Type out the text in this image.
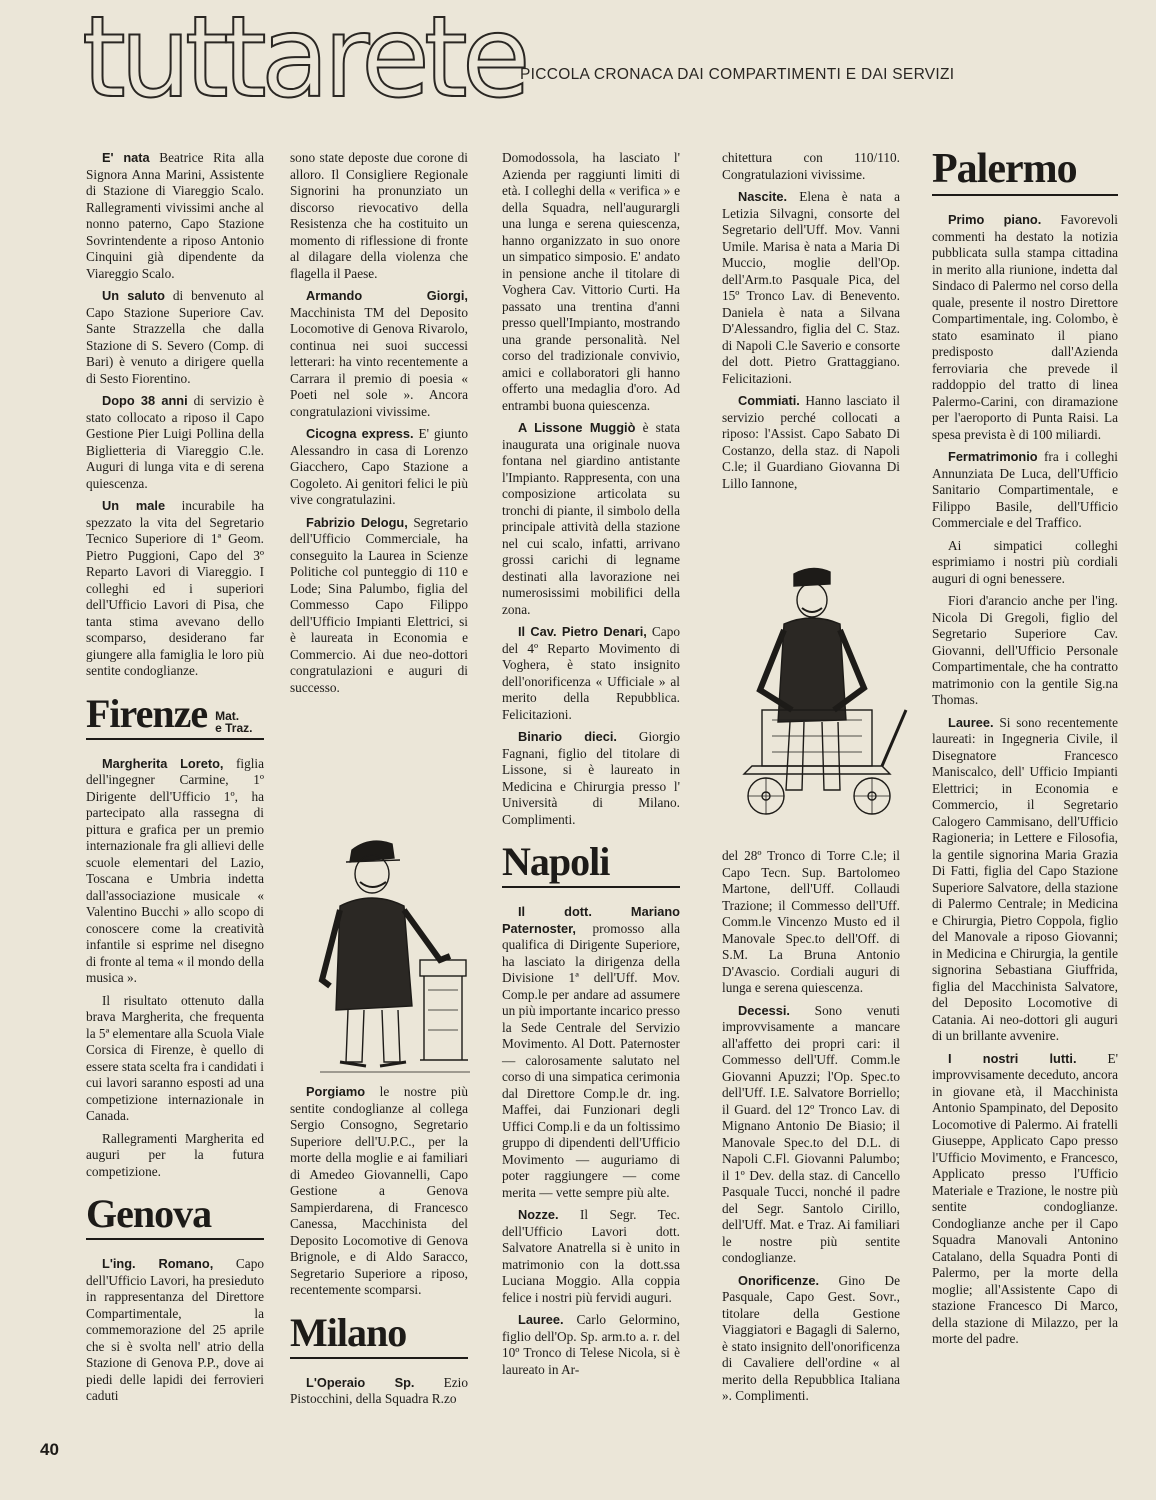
tuttarete
PICCOLA CRONACA DAI COMPARTIMENTI E DAI SERVIZI

E' nata Beatrice Rita alla Signora Anna Marini, Assistente di Stazione di Viareggio Scalo. Rallegramenti vivissimi anche al nonno paterno, Capo Stazione Sovrintendente a riposo Antonio Cinquini già dipendente da Viareggio Scalo.

Un saluto di benvenuto al Capo Stazione Superiore Cav. Sante Strazzella che dalla Stazione di S. Severo (Comp. di Bari) è venuto a dirigere quella di Sesto Fiorentino.

Dopo 38 anni di servizio è stato collocato a riposo il Capo Gestione Pier Luigi Pollina della Biglietteria di Viareggio C.le. Auguri di lunga vita e di serena quiescenza.

Un male incurabile ha spezzato la vita del Segretario Tecnico Superiore di 1ª Geom. Pietro Puggioni, Capo del 3º Reparto Lavori di Viareggio. I colleghi ed i superiori dell'Ufficio Lavori di Pisa, che tanta stima avevano dello scomparso, desiderano far giungere alla famiglia le loro più sentite condoglianze.

Firenze Mat.
e Traz.

Margherita Loreto, figlia dell'ingegner Carmine, 1º Dirigente dell'Ufficio 1º, ha partecipato alla rassegna di pittura e grafica per un premio internazionale fra gli allievi delle scuole elementari del Lazio, Toscana e Umbria indetta dall'associazione musicale « Valentino Bucchi » allo scopo di conoscere come la creatività infantile si esprime nel disegno di fronte al tema « il mondo della musica ».

Il risultato ottenuto dalla brava Margherita, che frequenta la 5ª elementare alla Scuola Viale Corsica di Firenze, è quello di essere stata scelta fra i candidati i cui lavori saranno esposti ad una competizione internazionale in Canada.

Rallegramenti Margherita ed auguri per la futura competizione.

Genova

L'ing. Romano, Capo dell'Ufficio Lavori, ha presieduto in rappresentanza del Direttore Compartimentale, la commemorazione del 25 aprile che si è svolta nell' atrio della Stazione di Genova P.P., dove ai piedi delle lapidi dei ferrovieri caduti

sono state deposte due corone di alloro. Il Consigliere Regionale Signorini ha pronunziato un discorso rievocativo della Resistenza che ha costituito un momento di riflessione di fronte al dilagare della violenza che flagella il Paese.

Armando Giorgi, Macchinista TM del Deposito Locomotive di Genova Rivarolo, continua nei suoi successi letterari: ha vinto recentemente a Carrara il premio di poesia « Poeti nel sole ». Ancora congratulazioni vivissime.

Cicogna express. E' giunto Alessandro in casa di Lorenzo Giacchero, Capo Stazione a Cogoleto. Ai genitori felici le più vive congratulazini.

Fabrizio Delogu, Segretario dell'Ufficio Commerciale, ha conseguito la Laurea in Scienze Politiche col punteggio di 110 e Lode; Sina Palumbo, figlia del Commesso Capo Filippo dell'Ufficio Impianti Elettrici, si è laureata in Economia e Commercio. Ai due neo-dottori congratulazioni e auguri di successo.

Porgiamo le nostre più sentite condoglianze al collega Sergio Consogno, Segretario Superiore dell'U.P.C., per la morte della moglie e ai familiari di Amedeo Giovannelli, Capo Gestione a Genova Sampierdarena, di Francesco Canessa, Macchinista del Deposito Locomotive di Genova Brignole, e di Aldo Saracco, Segretario Superiore a riposo, recentemente scomparsi.

Milano

L'Operaio Sp. Ezio Pistocchini, della Squadra R.zo

Domodossola, ha lasciato l' Azienda per raggiunti limiti di età. I colleghi della « verifica » e della Squadra, nell'augurargli una lunga e serena quiescenza, hanno organizzato in suo onore un simpatico simposio. E' andato in pensione anche il titolare di Voghera Cav. Vittorio Curti. Ha passato una trentina d'anni presso quell'Impianto, mostrando una grande personalità. Nel corso del tradizionale convivio, amici e collaboratori gli hanno offerto una medaglia d'oro. Ad entrambi buona quiescenza.

A Lissone Muggiò è stata inaugurata una originale nuova fontana nel giardino antistante l'Impianto. Rappresenta, con una composizione articolata su tronchi di piante, il simbolo della principale attività della stazione nel cui scalo, infatti, arrivano grossi carichi di legname destinati alla lavorazione nei numerosissimi mobilifici della zona.

Il Cav. Pietro Denari, Capo del 4º Reparto Movimento di Voghera, è stato insignito dell'onorificenza « Ufficiale » al merito della Repubblica. Felicitazioni.

Binario dieci. Giorgio Fagnani, figlio del titolare di Lissone, si è laureato in Medicina e Chirurgia presso l' Università di Milano. Complimenti.

Napoli

Il dott. Mariano Paternoster, promosso alla qualifica di Dirigente Superiore, ha lasciato la dirigenza della Divisione 1ª dell'Uff. Mov. Comp.le per andare ad assumere un più importante incarico presso la Sede Centrale del Servizio Movimento. Al Dott. Paternoster — calorosamente salutato nel corso di una simpatica cerimonia dal Direttore Comp.le dr. ing. Maffei, dai Funzionari degli Uffici Comp.li e da un foltissimo gruppo di dipendenti dell'Ufficio Movimento — auguriamo di poter raggiungere — come merita — vette sempre più alte.

Nozze. Il Segr. Tec. dell'Ufficio Lavori dott. Salvatore Anatrella si è unito in matrimonio con la dott.ssa Luciana Moggio. Alla coppia felice i nostri più fervidi auguri.

Lauree. Carlo Gelormino, figlio dell'Op. Sp. arm.to a. r. del 10º Tronco di Telese Nicola, si è laureato in Ar-

chitettura con 110/110. Congratulazioni vivissime.

Nascite. Elena è nata a Letizia Silvagni, consorte del Segretario dell'Uff. Mov. Vanni Umile. Marisa è nata a Maria Di Muccio, moglie dell'Op. dell'Arm.to Pasquale Pica, del 15º Tronco Lav. di Benevento. Daniela è nata a Silvana D'Alessandro, figlia del C. Staz. di Napoli C.le Saverio e consorte del dott. Pietro Grattaggiano. Felicitazioni.

Commiati. Hanno lasciato il servizio perché collocati a riposo: l'Assist. Capo Sabato Di Costanzo, della staz. di Napoli C.le; il Guardiano Giovanna Di Lillo Iannone,

del 28º Tronco di Torre C.le; il Capo Tecn. Sup. Bartolomeo Martone, dell'Uff. Collaudi Trazione; il Commesso dell'Uff. Comm.le Vincenzo Musto ed il Manovale Spec.to dell'Off. di S.M. La Bruna Antonio D'Avascio. Cordiali auguri di lunga e serena quiescenza.

Decessi. Sono venuti improvvisamente a mancare all'affetto dei propri cari: il Commesso dell'Uff. Comm.le Giovanni Apuzzi; l'Op. Spec.to dell'Uff. I.E. Salvatore Borriello; il Guard. del 12º Tronco Lav. di Mignano Antonio De Biasio; il Manovale Spec.to del D.L. di Napoli C.Fl. Giovanni Palumbo; il 1º Dev. della staz. di Cancello Pasquale Tucci, nonché il padre del Segr. Santolo Cirillo, dell'Uff. Mat. e Traz. Ai familiari le nostre più sentite condoglianze.

Onorificenze. Gino De Pasquale, Capo Gest. Sovr., titolare della Gestione Viaggiatori e Bagagli di Salerno, è stato insignito dell'onorificenza di Cavaliere dell'ordine « al merito della Repubblica Italiana ». Complimenti.

Palermo

Primo piano. Favorevoli commenti ha destato la notizia pubblicata sulla stampa cittadina in merito alla riunione, indetta dal Sindaco di Palermo nel corso della quale, presente il nostro Direttore Compartimentale, ing. Colombo, è stato esaminato il piano predisposto dall'Azienda ferroviaria che prevede il raddoppio del tratto di linea Palermo-Carini, con diramazione per l'aeroporto di Punta Raisi. La spesa prevista è di 100 miliardi.

Fermatrimonio fra i colleghi Annunziata De Luca, dell'Ufficio Sanitario Compartimentale, e Filippo Basile, dell'Ufficio Commerciale e del Traffico.

Ai simpatici colleghi esprimiamo i nostri più cordiali auguri di ogni benessere.

Fiori d'arancio anche per l'ing. Nicola Di Gregoli, figlio del Segretario Superiore Cav. Giovanni, dell'Ufficio Personale Compartimentale, che ha contratto matrimonio con la gentile Sig.na Thomas.

Lauree. Si sono recentemente laureati: in Ingegneria Civile, il Disegnatore Francesco Maniscalco, dell' Ufficio Impianti Elettrici; in Economia e Commercio, il Segretario Calogero Cammisano, dell'Ufficio Ragioneria; in Lettere e Filosofia, la gentile signorina Maria Grazia Di Fatti, figlia del Capo Stazione Superiore Salvatore, della stazione di Palermo Centrale; in Medicina e Chirurgia, Pietro Coppola, figlio del Manovale a riposo Giovanni; in Medicina e Chirurgia, la gentile signorina Sebastiana Giuffrida, figlia del Macchinista Salvatore, del Deposito Locomotive di Catania. Ai neo-dottori gli auguri di un brillante avvenire.

I nostri lutti. E' improvvisamente deceduto, ancora in giovane età, il Macchinista Antonio Spampinato, del Deposito Locomotive di Palermo. Ai fratelli Giuseppe, Applicato Capo presso l'Ufficio Movimento, e Francesco, Applicato presso l'Ufficio Materiale e Trazione, le nostre più sentite condoglianze. Condoglianze anche per il Capo Squadra Manovali Antonino Catalano, della Squadra Ponti di Palermo, per la morte della moglie; all'Assistente Capo di stazione Francesco Di Marco, della stazione di Milazzo, per la morte del padre.

40
